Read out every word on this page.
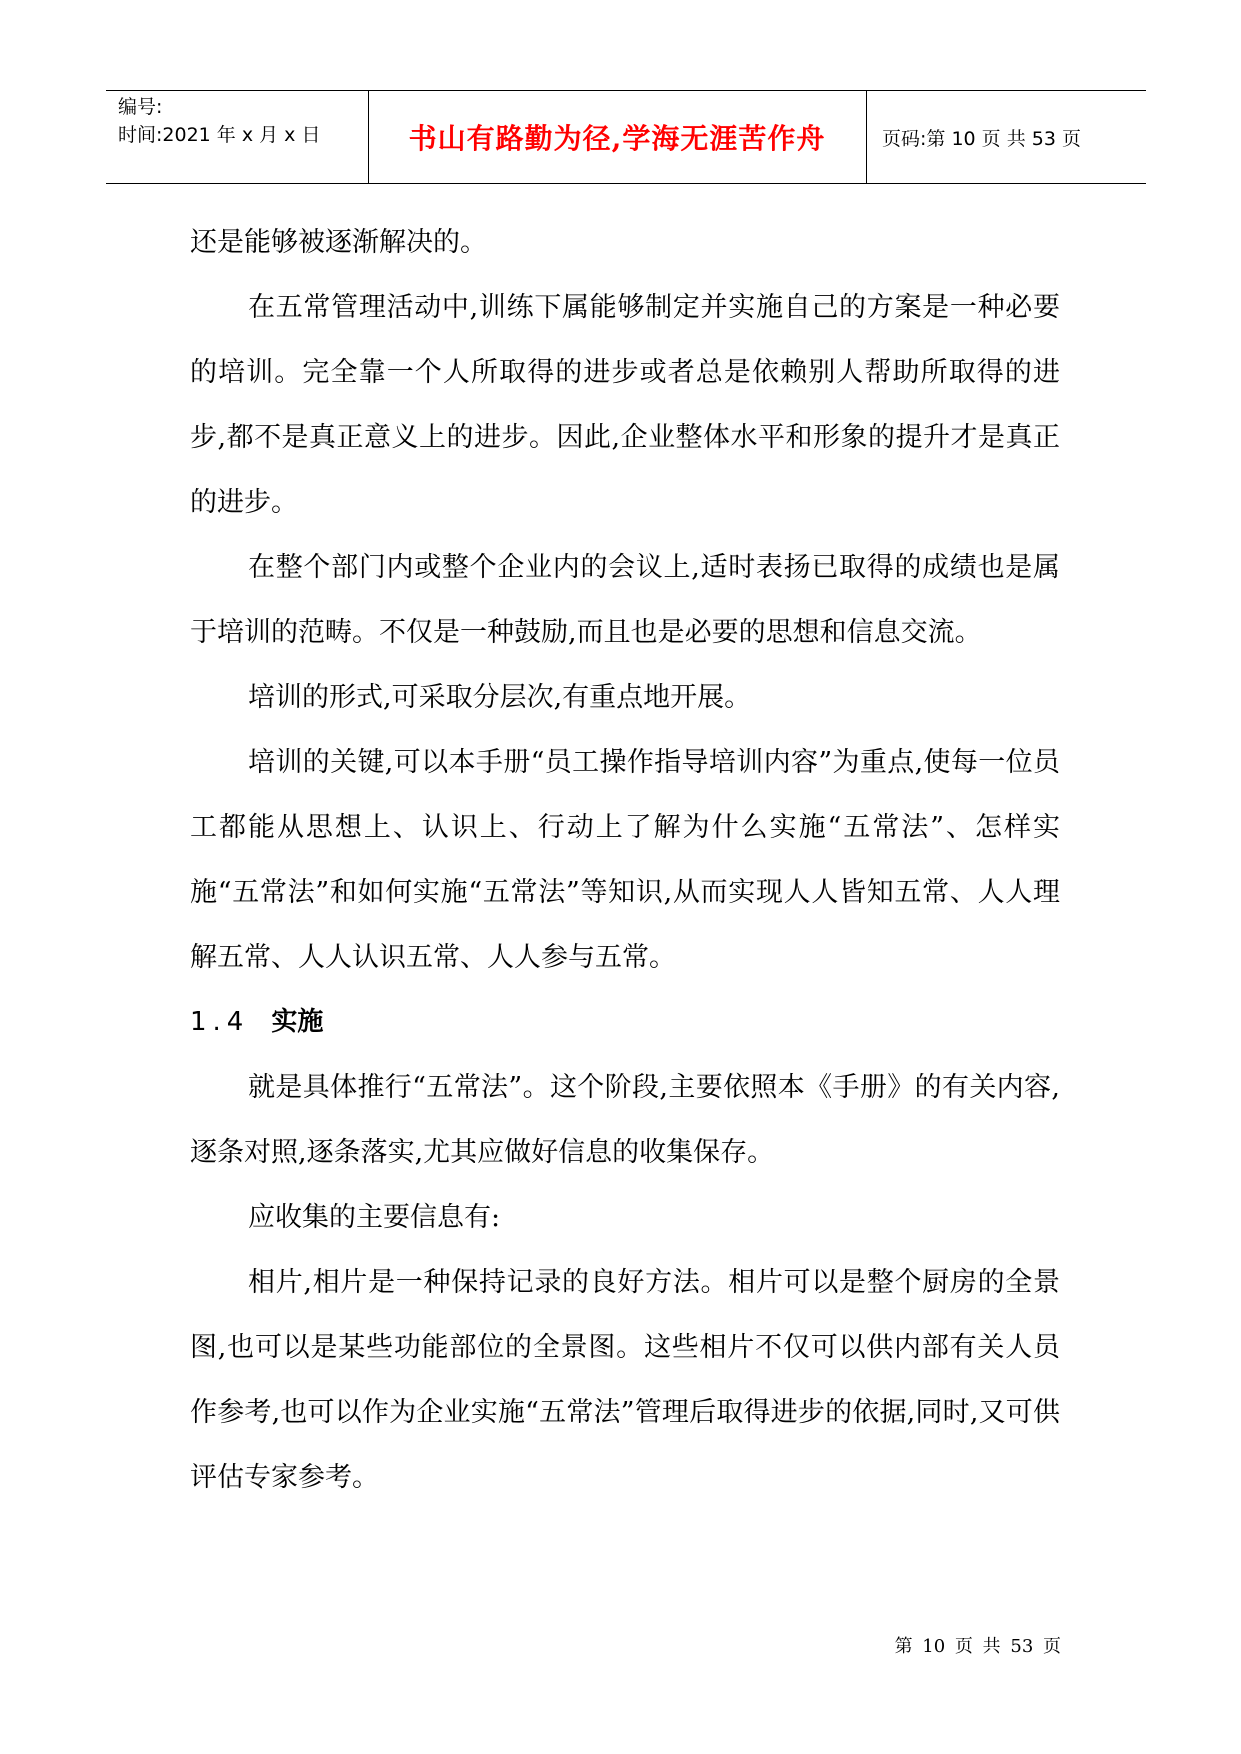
编号:
时间:2021 年 x 月 x 日	书山有路勤为径,学海无涯苦作舟	页码:第 10 页 共 53 页

还是能够被逐渐解决的。

在五常管理活动中,训练下属能够制定并实施自己的方案是一种必要的培训。完全靠一个人所取得的进步或者总是依赖别人帮助所取得的进步,都不是真正意义上的进步。因此,企业整体水平和形象的提升才是真正的进步。

在整个部门内或整个企业内的会议上,适时表扬已取得的成绩也是属于培训的范畴。不仅是一种鼓励,而且也是必要的思想和信息交流。

培训的形式,可采取分层次,有重点地开展。

培训的关键,可以本手册“员工操作指导培训内容”为重点,使每一位员工都能从思想上、认识上、行动上了解为什么实施“五常法”、怎样实施“五常法”和如何实施“五常法”等知识,从而实现人人皆知五常、人人理解五常、人人认识五常、人人参与五常。

1.4 实施

就是具体推行“五常法”。这个阶段,主要依照本《手册》的有关内容,逐条对照,逐条落实,尤其应做好信息的收集保存。

应收集的主要信息有:

相片,相片是一种保持记录的良好方法。相片可以是整个厨房的全景图,也可以是某些功能部位的全景图。这些相片不仅可以供内部有关人员作参考,也可以作为企业实施“五常法”管理后取得进步的依据,同时,又可供评估专家参考。

第 10 页 共 53 页
